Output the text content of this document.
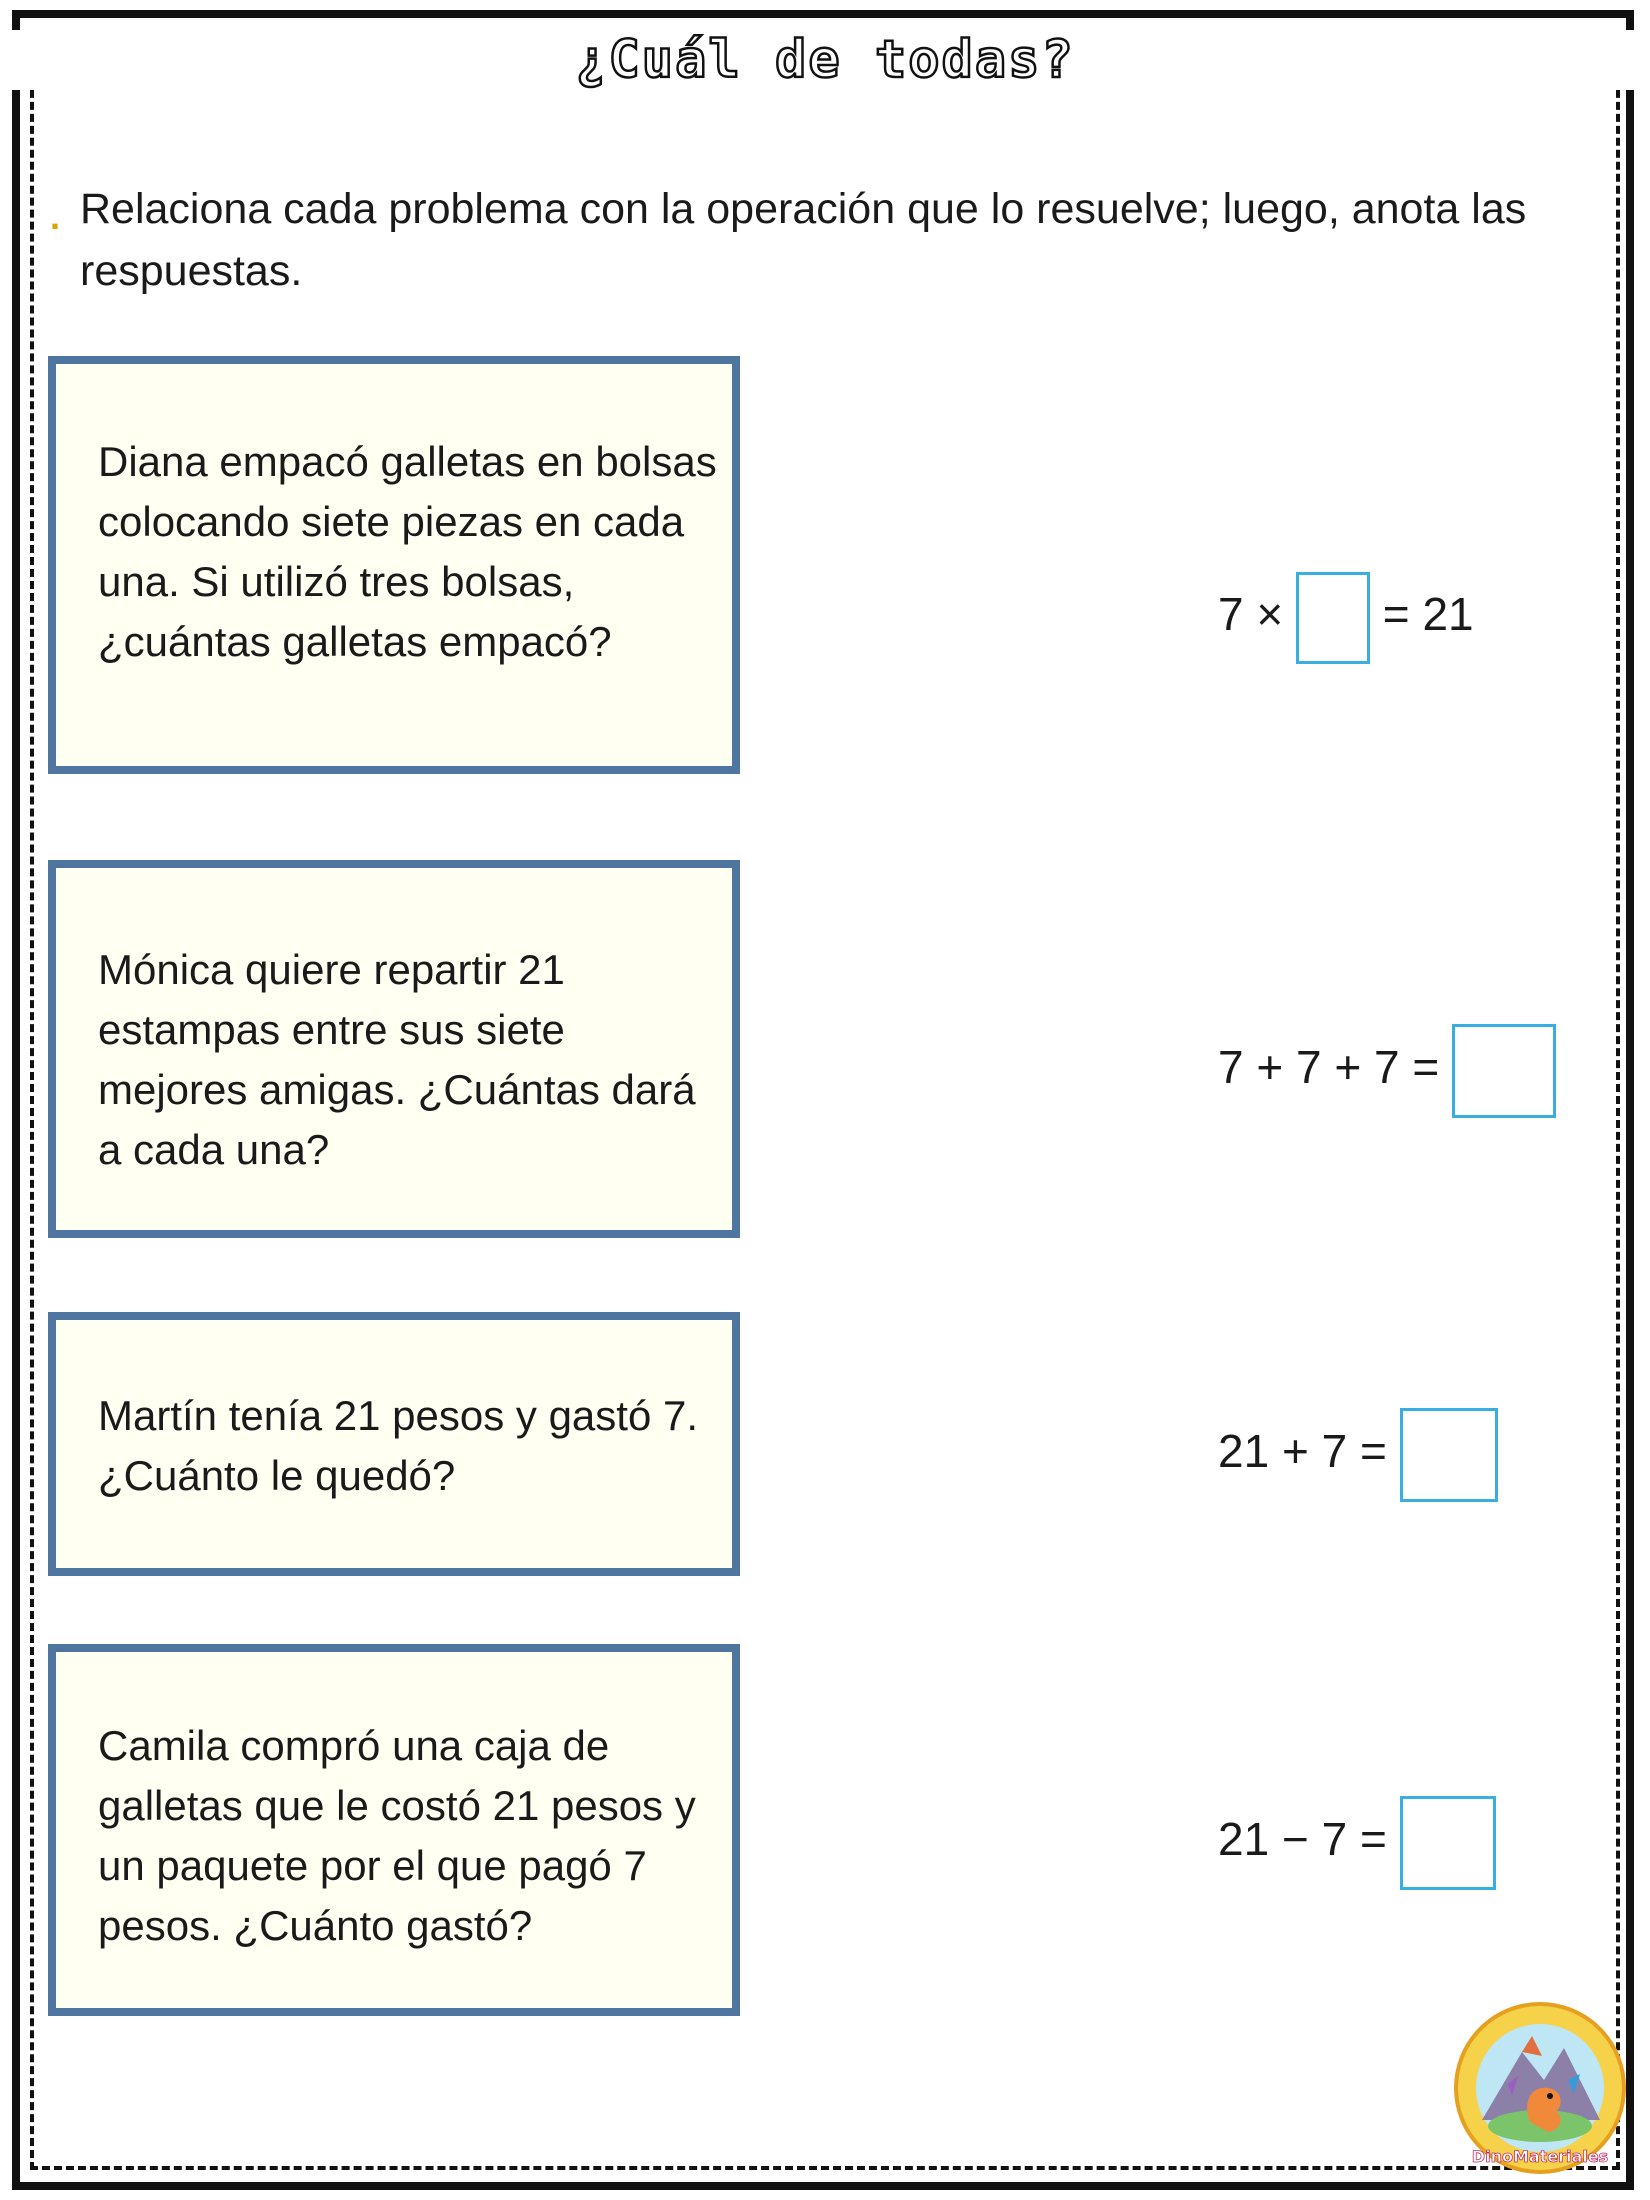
¿Cuál de todas?
. Relaciona cada problema con la operación que lo resuelve; luego, anota las respuestas.
Diana empacó galletas en bolsas colocando siete piezas en cada una. Si utilizó tres bolsas, ¿cuántas galletas empacó?
Mónica quiere repartir 21 estampas entre sus siete mejores amigas. ¿Cuántas dará a cada una?
Martín tenía 21 pesos y gastó 7. ¿Cuánto le quedó?
Camila compró una caja de galletas que le costó 21 pesos y un paquete por el que pagó 7 pesos. ¿Cuánto gastó?
7 × = 21
7 + 7 + 7 =
21 + 7 =
21 − 7 =
DinoMateriales
